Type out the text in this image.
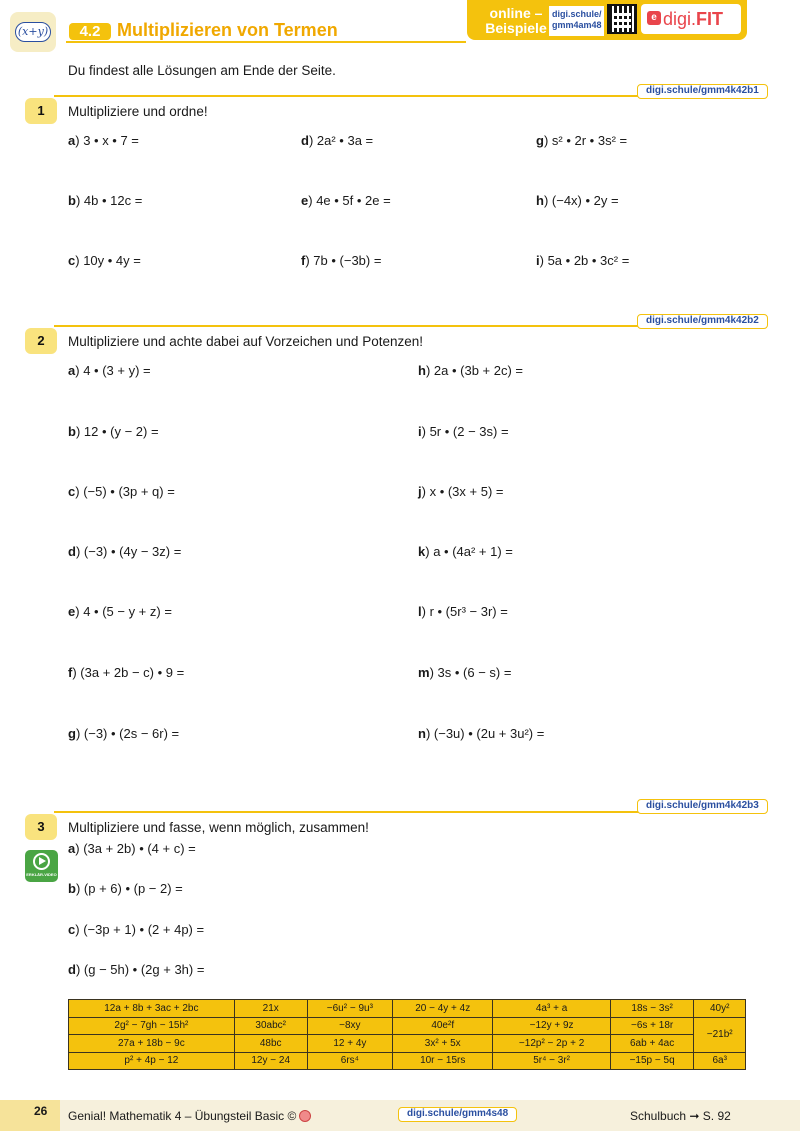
(x+y)	4.2 Multiplizieren von Termen
online –
Beispiele
digi.schule/
gmm4am48
e digi.FIT
Du findest alle Lösungen am Ende der Seite.
digi.schule/gmm4k42b1
1	Multipliziere und ordne!
a) 3 • x • 7 =	d) 2a² • 3a =	g) s² • 2r • 3s² =
b) 4b • 12c =	e) 4e • 5f • 2e =	h) (−4x) • 2y =
c) 10y • 4y =	f) 7b • (−3b) =	i) 5a • 2b • 3c² =
digi.schule/gmm4k42b2
2	Multipliziere und achte dabei auf Vorzeichen und Potenzen!
a) 4 • (3 + y) =	h) 2a • (3b + 2c) =
b) 12 • (y − 2) =	i) 5r • (2 − 3s) =
c) (−5) • (3p + q) =	j) x • (3x + 5) =
d) (−3) • (4y − 3z) =	k) a • (4a² + 1) =
e) 4 • (5 − y + z) =	l) r • (5r³ − 3r) =
f) (3a + 2b − c) • 9 =	m) 3s • (6 − s) =
g) (−3) • (2s − 6r) =	n) (−3u) • (2u + 3u²) =
digi.schule/gmm4k42b3
3	Multipliziere und fasse, wenn möglich, zusammen!
ERKLÄR-VIDEO
a) (3a + 2b) • (4 + c) =
b) (p + 6) • (p − 2) =
c) (−3p + 1) • (2 + 4p) =
d) (g − 5h) • (2g + 3h) =
12a + 8b + 3ac + 2bc	21x	−6u² − 9u³	20 − 4y + 4z	4a³ + a	18s − 3s²	40y²
2g² − 7gh − 15h²	30abc²	−8xy	40e²f	−12y + 9z	−6s + 18r	−21b²
27a + 18b − 9c	48bc	12 + 4y	3x² + 5x	−12p² − 2p + 2	6ab + 4ac	
p² + 4p − 12	12y − 24	6rs⁴	10r − 15rs	5r⁴ − 3r²	−15p − 5q	6a³
26	Genial! Mathematik 4 – Übungsteil Basic ©	digi.schule/gmm4s48	Schulbuch ➞ S. 92
